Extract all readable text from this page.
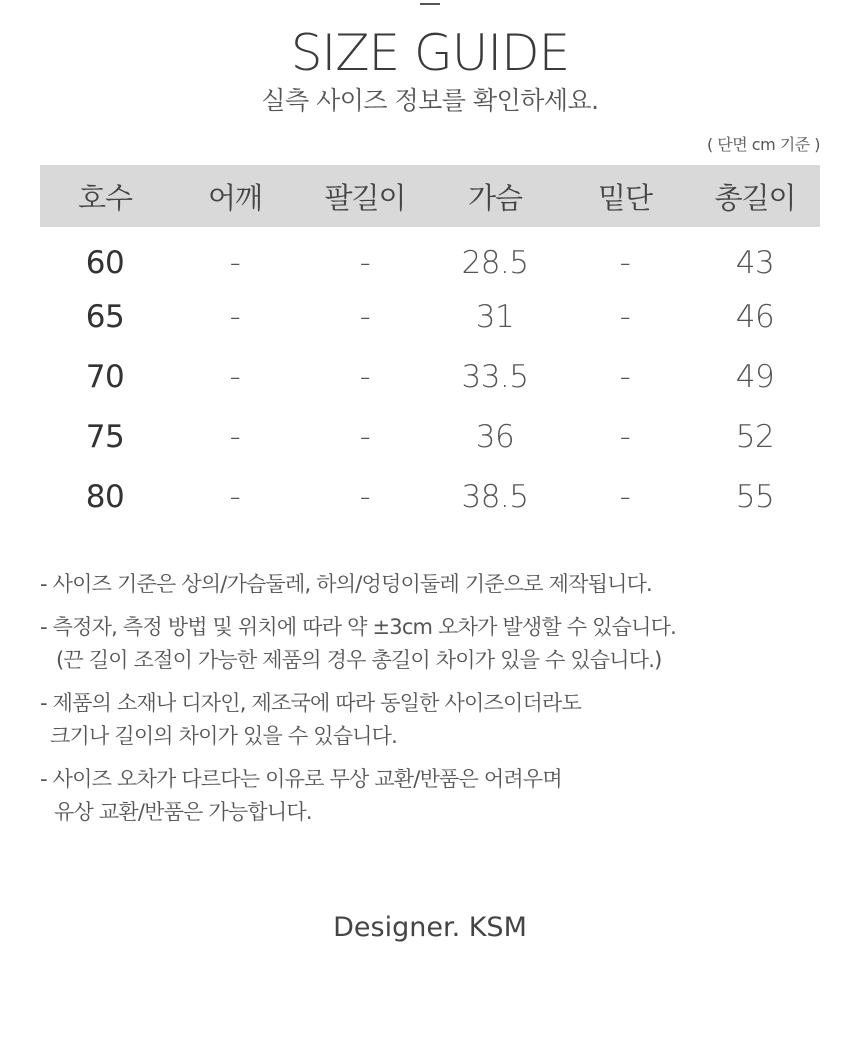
SIZE GUIDE
실측 사이즈 정보를 확인하세요.
( 단면 cm 기준 )
호수	어깨	팔길이	가슴	밑단	총길이
60	-	-	28.5	-	43
65	-	-	31	-	46
70	-	-	33.5	-	49
75	-	-	36	-	52
80	-	-	38.5	-	55
- 사이즈 기준은 상의/가슴둘레, 하의/엉덩이둘레 기준으로 제작됩니다.
- 측정자, 측정 방법 및 위치에 따라 약 ±3cm 오차가 발생할 수 있습니다.
(끈 길이 조절이 가능한 제품의 경우 총길이 차이가 있을 수 있습니다.)
- 제품의 소재나 디자인, 제조국에 따라 동일한 사이즈이더라도
크기나 길이의 차이가 있을 수 있습니다.
- 사이즈 오차가 다르다는 이유로 무상 교환/반품은 어려우며
유상 교환/반품은 가능합니다.
Designer. KSM
